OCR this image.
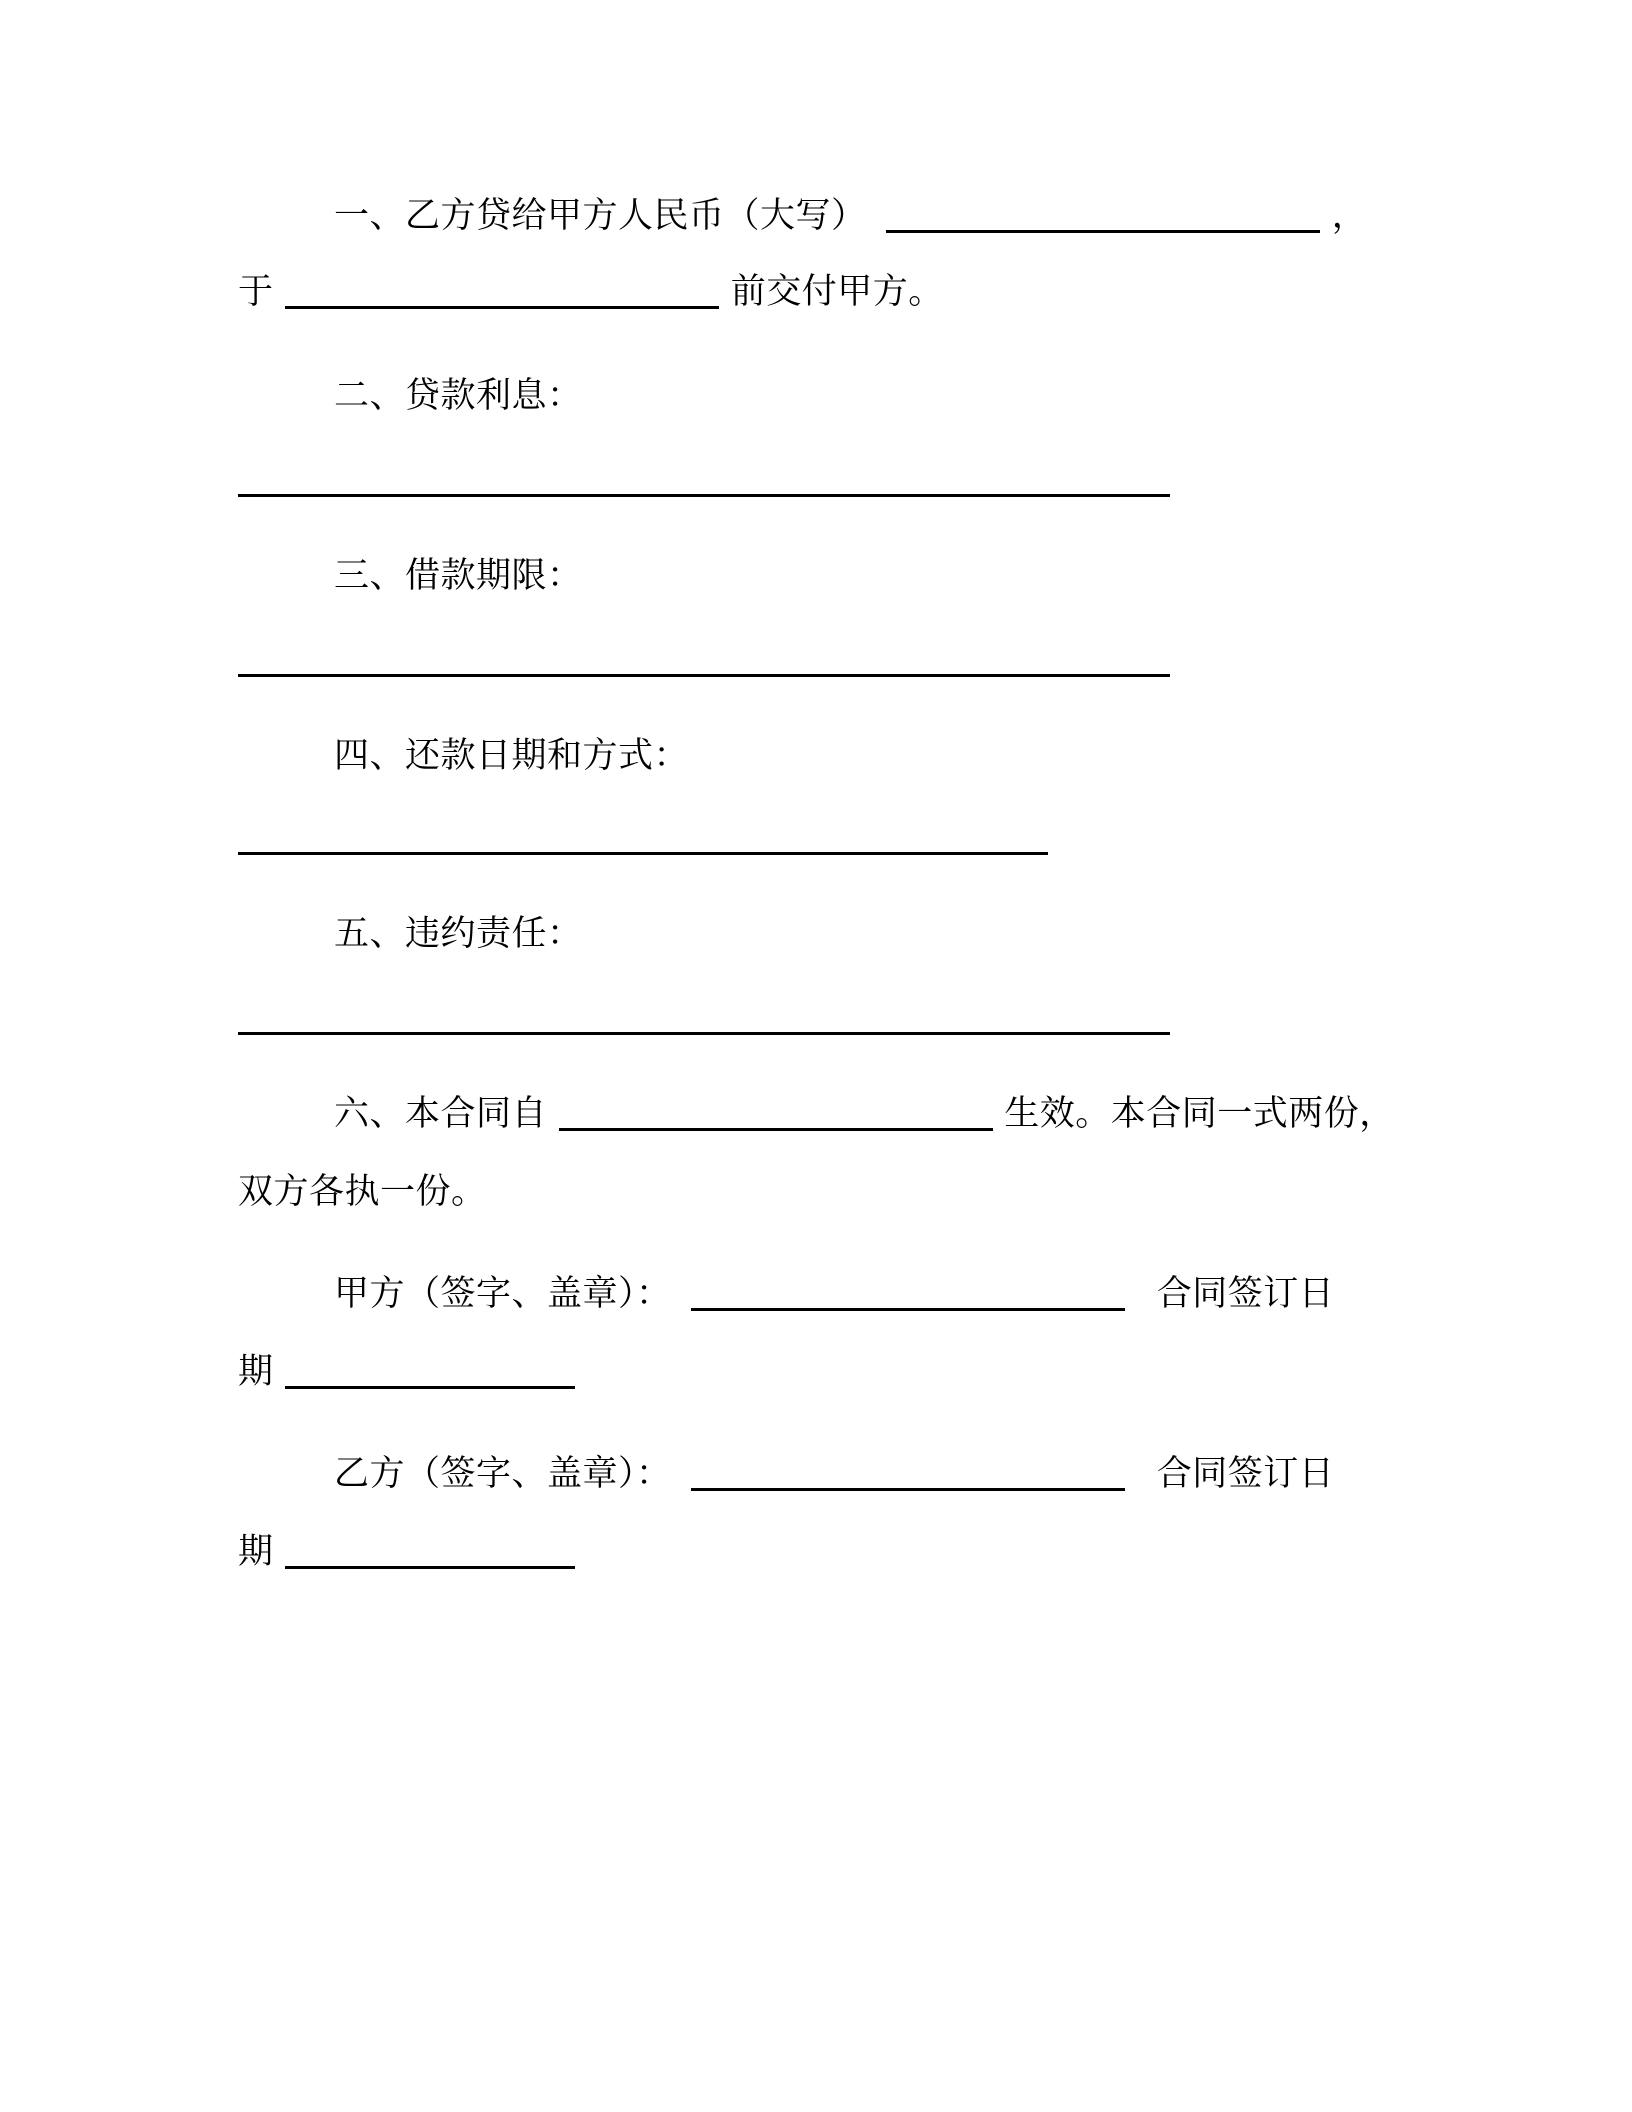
一、乙方贷给甲方人民币（大写）	，
于	前交付甲方。
二、贷款利息：
三、借款期限：
四、还款日期和方式：
五、违约责任：
六、本合同自	生效。本合同一式两份，
双方各执一份。
甲方（签字、盖章）：	合同签订日
期
乙方（签字、盖章）：	合同签订日
期
